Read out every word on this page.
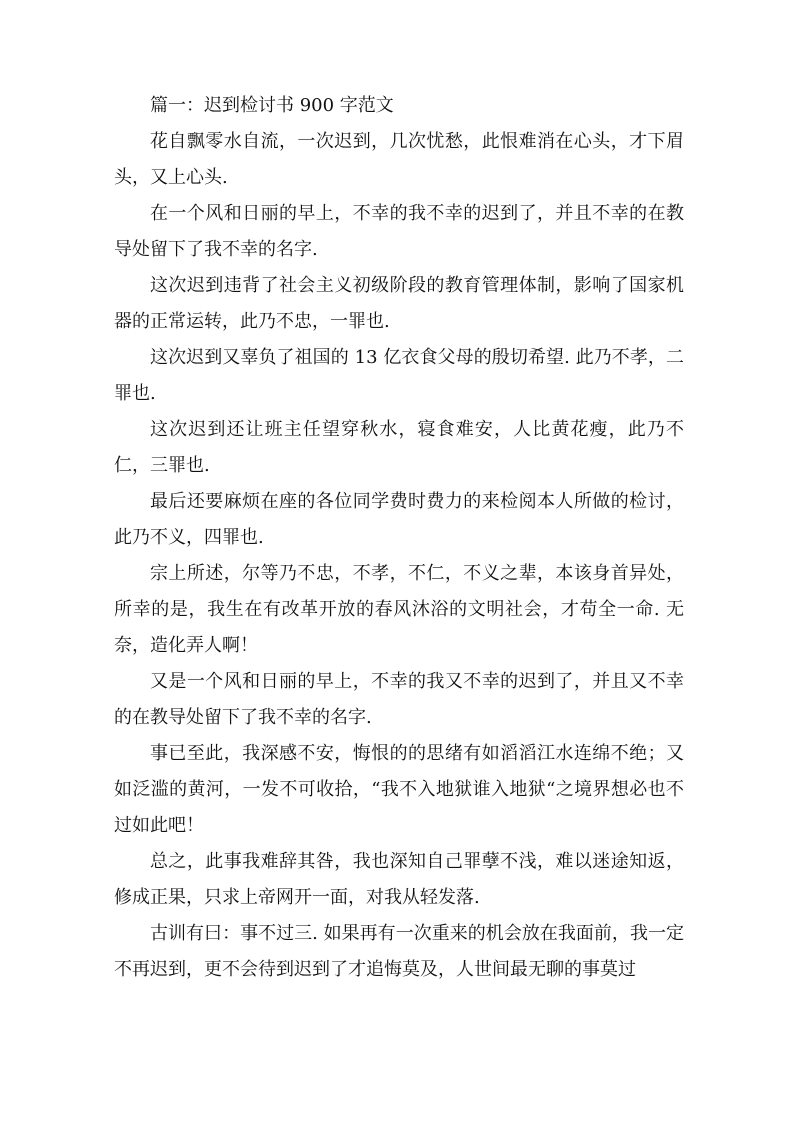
篇一：迟到检讨书 900 字范文

花自飘零水自流，一次迟到，几次忧愁，此恨难消在心头，才下眉头，又上心头.

在一个风和日丽的早上，不幸的我不幸的迟到了，并且不幸的在教导处留下了我不幸的名字.

这次迟到违背了社会主义初级阶段的教育管理体制，影响了国家机器的正常运转，此乃不忠，一罪也.

这次迟到又辜负了祖国的 13 亿衣食父母的殷切希望. 此乃不孝，二罪也.

这次迟到还让班主任望穿秋水，寝食难安，人比黄花瘦，此乃不仁，三罪也.

最后还要麻烦在座的各位同学费时费力的来检阅本人所做的检讨，此乃不义，四罪也.

宗上所述，尔等乃不忠，不孝，不仁，不义之辈，本该身首异处，所幸的是，我生在有改革开放的春风沐浴的文明社会，才苟全一命. 无奈，造化弄人啊！

又是一个风和日丽的早上，不幸的我又不幸的迟到了，并且又不幸的在教导处留下了我不幸的名字.

事已至此，我深感不安，悔恨的的思绪有如滔滔江水连绵不绝；又如泛滥的黄河，一发不可收拾，“我不入地狱谁入地狱“之境界想必也不过如此吧！

总之，此事我难辞其咎，我也深知自己罪孽不浅，难以迷途知返，修成正果，只求上帝网开一面，对我从轻发落.

古训有曰：事不过三. 如果再有一次重来的机会放在我面前，我一定不再迟到，更不会待到迟到了才追悔莫及，人世间最无聊的事莫过
